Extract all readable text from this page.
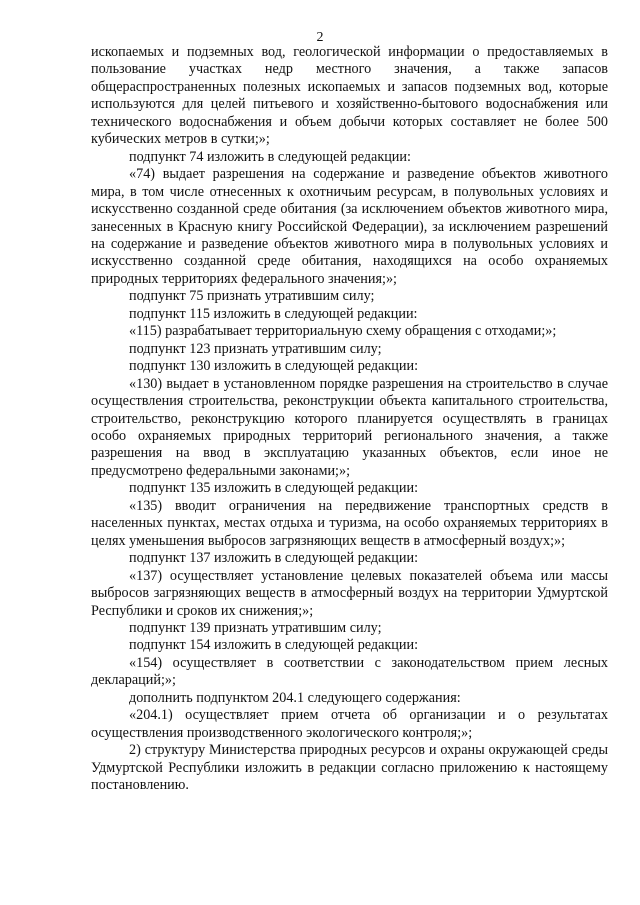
2

ископаемых и подземных вод, геологической информации о предоставляемых в пользование участках недр местного значения, а также запасов общераспространенных полезных ископаемых и запасов подземных вод, которые используются для целей питьевого и хозяйственно-бытового водоснабжения или технического водоснабжения и объем добычи которых составляет не более 500 кубических метров в сутки;»;

подпункт 74 изложить в следующей редакции:

«74) выдает разрешения на содержание и разведение объектов животного мира, в том числе отнесенных к охотничьим ресурсам, в полувольных условиях и искусственно созданной среде обитания (за исключением объектов животного мира, занесенных в Красную книгу Российской Федерации), за исключением разрешений на содержание и разведение объектов животного мира в полувольных условиях и искусственно созданной среде обитания, находящихся на особо охраняемых природных территориях федерального значения;»;

подпункт 75 признать утратившим силу;

подпункт 115 изложить в следующей редакции:

«115) разрабатывает территориальную схему обращения с отходами;»;

подпункт 123 признать утратившим силу;

подпункт 130 изложить в следующей редакции:

«130) выдает в установленном порядке разрешения на строительство в случае осуществления строительства, реконструкции объекта капитального строительства, строительство, реконструкцию которого планируется осуществлять в границах особо охраняемых природных территорий регионального значения, а также разрешения на ввод в эксплуатацию указанных объектов, если иное не предусмотрено федеральными законами;»;

подпункт 135 изложить в следующей редакции:

«135) вводит ограничения на передвижение транспортных средств в населенных пунктах, местах отдыха и туризма, на особо охраняемых территориях в целях уменьшения выбросов загрязняющих веществ в атмосферный воздух;»;

подпункт 137 изложить в следующей редакции:

«137) осуществляет установление целевых показателей объема или массы выбросов загрязняющих веществ в атмосферный воздух на территории Удмуртской Республики и сроков их снижения;»;

подпункт 139 признать утратившим силу;

подпункт 154 изложить в следующей редакции:

«154) осуществляет в соответствии с законодательством прием лесных деклараций;»;

дополнить подпунктом 204.1 следующего содержания:

«204.1) осуществляет прием отчета об организации и о результатах осуществления производственного экологического контроля;»;

2) структуру Министерства природных ресурсов и охраны окружающей среды Удмуртской Республики изложить в редакции согласно приложению к настоящему постановлению.
